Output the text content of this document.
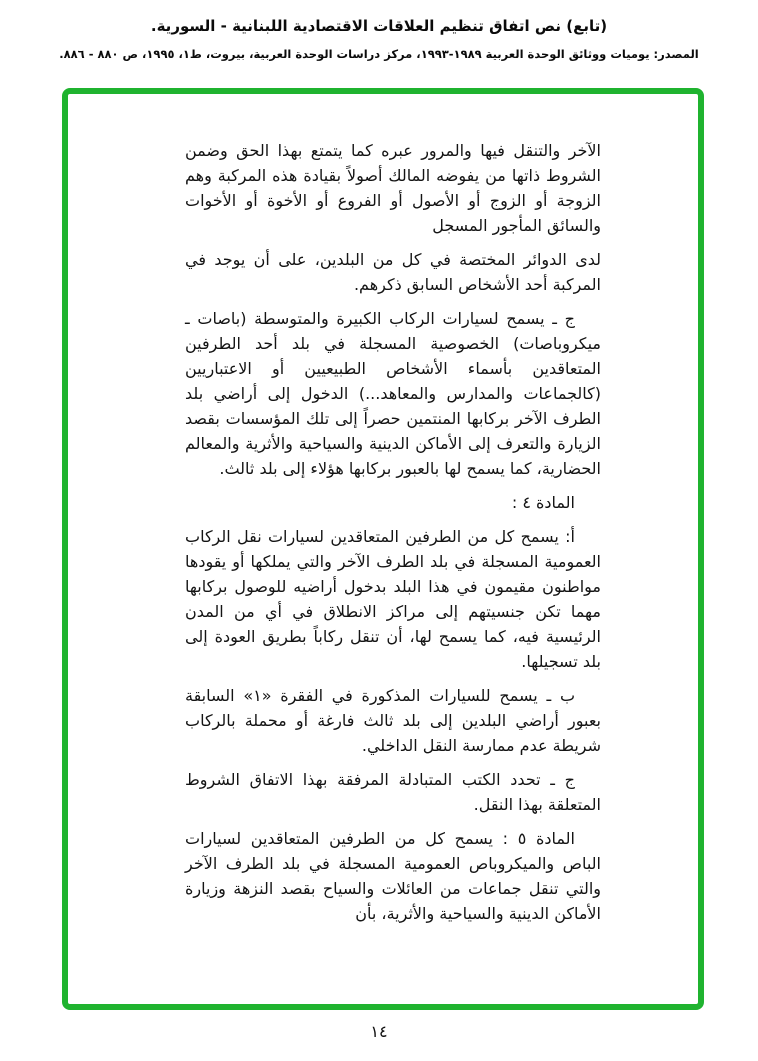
(تابع) نص اتفاق تنظيم العلاقات الاقتصادية اللبنانية - السورية.
المصدر: يوميات ووثائق الوحدة العربية ١٩٨٩-١٩٩٣، مركز دراسات الوحدة العربية، بيروت، ط١، ١٩٩٥، ص ٨٨٠ - ٨٨٦.

الآخر والتنقل فيها والمرور عبره كما يتمتع بهذا الحق وضمن الشروط ذاتها من يفوضه المالك أصولاً بقيادة هذه المركبة وهم الزوجة أو الزوج أو الأصول أو الفروع أو الأخوة أو الأخوات والسائق المأجور المسجل

لدى الدوائر المختصة في كل من البلدين، على أن يوجد في المركبة أحد الأشخاص السابق ذكرهم.

ج ـ يسمح لسيارات الركاب الكبيرة والمتوسطة (باصات ـ ميكروباصات) الخصوصية المسجلة في بلد أحد الطرفين المتعاقدين بأسماء الأشخاص الطبيعيين أو الاعتباريين (كالجماعات والمدارس والمعاهد...) الدخول إلى أراضي بلد الطرف الآخر بركابها المنتمين حصراً إلى تلك المؤسسات بقصد الزيارة والتعرف إلى الأماكن الدينية والسياحية والأثرية والمعالم الحضارية، كما يسمح لها بالعبور بركابها هؤلاء إلى بلد ثالث.

المادة ٤ :

أ: يسمح كل من الطرفين المتعاقدين لسيارات نقل الركاب العمومية المسجلة في بلد الطرف الآخر والتي يملكها أو يقودها مواطنون مقيمون في هذا البلد بدخول أراضيه للوصول بركابها مهما تكن جنسيتهم إلى مراكز الانطلاق في أي من المدن الرئيسية فيه، كما يسمح لها، أن تنقل ركاباً بطريق العودة إلى بلد تسجيلها.

ب ـ يسمح للسيارات المذكورة في الفقرة «١» السابقة بعبور أراضي البلدين إلى بلد ثالث فارغة أو محملة بالركاب شريطة عدم ممارسة النقل الداخلي.

ج ـ تحدد الكتب المتبادلة المرفقة بهذا الاتفاق الشروط المتعلقة بهذا النقل.

المادة ٥ : يسمح كل من الطرفين المتعاقدين لسيارات الباص والميكروباص العمومية المسجلة في بلد الطرف الآخر والتي تنقل جماعات من العائلات والسياح بقصد النزهة وزيارة الأماكن الدينية والسياحية والأثرية، بأن

١٤
